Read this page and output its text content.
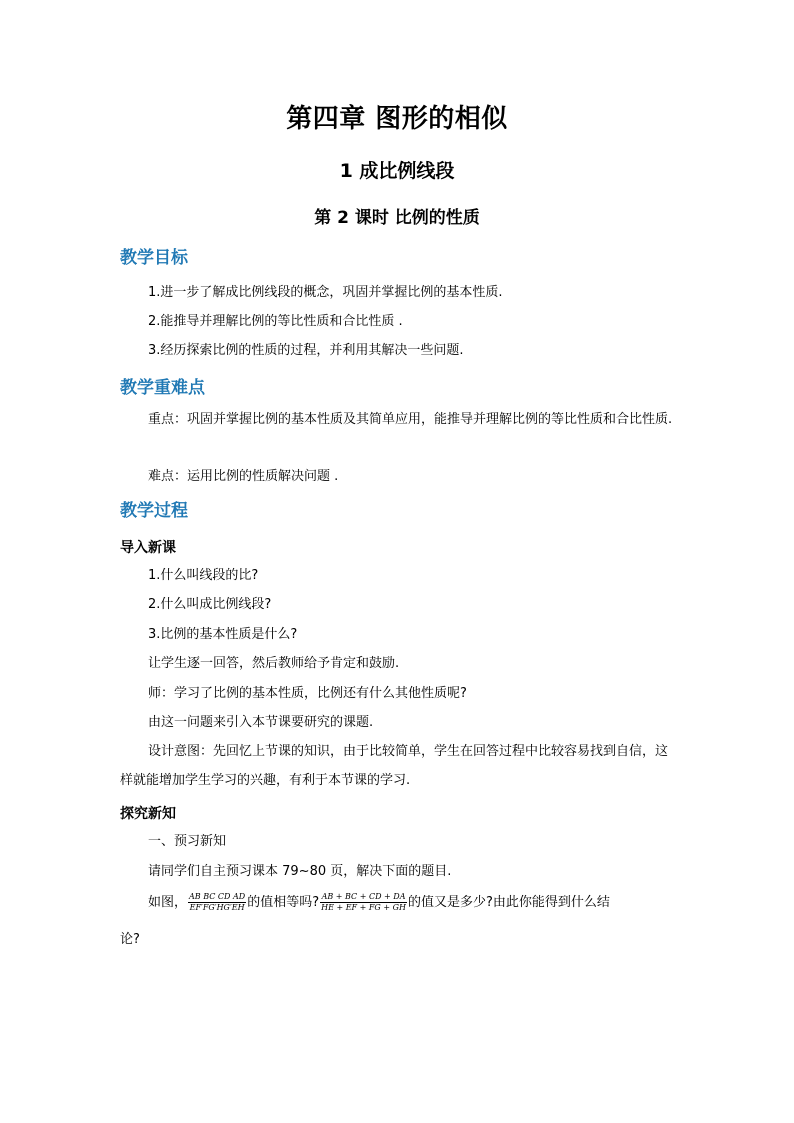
第四章 图形的相似
1 成比例线段
第 2 课时 比例的性质
教学目标
1.进一步了解成比例线段的概念，巩固并掌握比例的基本性质.
2.能推导并理解比例的等比性质和合比性质 .
3.经历探索比例的性质的过程，并利用其解决一些问题.
教学重难点

重点：巩固并掌握比例的基本性质及其简单应用，能推导并理解比例的等比性质和合比性质.

难点：运用比例的性质解决问题 .
教学过程
导入新课
1.什么叫线段的比?
2.什么叫成比例线段?
3.比例的基本性质是什么?
让学生逐一回答，然后教师给予肯定和鼓励.
师：学习了比例的基本性质，比例还有什么其他性质呢?
由这一问题来引入本节课要研究的课题.

设计意图：先回忆上节课的知识，由于比较简单，学生在回答过程中比较容易找到自信，这样就能增加学生学习的兴趣，有利于本节课的学习.

探究新知
一、预习新知
请同学们自主预习课本 79~80 页，解决下面的题目.
如图， $\frac{\text{AB BC CD AD}}{EF'FG'HG'EH}$ 的值相等吗? $\frac{AB + BC + CD + DA}{HE + EF + FG + GH}$ 的值又是多少?由此你能得到什么结
论?
